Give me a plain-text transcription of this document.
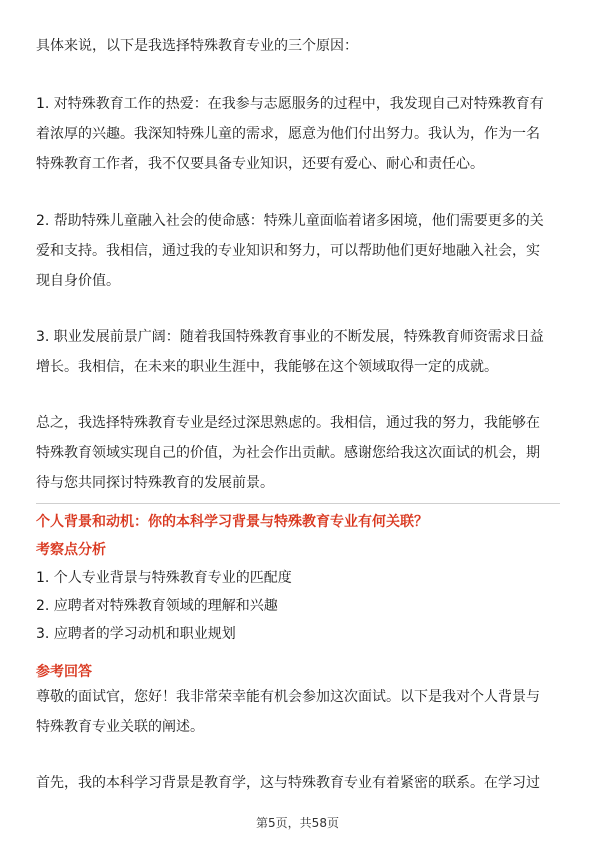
具体来说，以下是我选择特殊教育专业的三个原因：

1. 对特殊教育工作的热爱：在我参与志愿服务的过程中，我发现自己对特殊教育有
着浓厚的兴趣。我深知特殊儿童的需求，愿意为他们付出努力。我认为，作为一名
特殊教育工作者，我不仅要具备专业知识，还要有爱心、耐心和责任心。

2. 帮助特殊儿童融入社会的使命感：特殊儿童面临着诸多困境，他们需要更多的关
爱和支持。我相信，通过我的专业知识和努力，可以帮助他们更好地融入社会，实
现自身价值。

3. 职业发展前景广阔：随着我国特殊教育事业的不断发展，特殊教育师资需求日益
增长。我相信，在未来的职业生涯中，我能够在这个领域取得一定的成就。

总之，我选择特殊教育专业是经过深思熟虑的。我相信，通过我的努力，我能够在
特殊教育领域实现自己的价值，为社会作出贡献。感谢您给我这次面试的机会，期
待与您共同探讨特殊教育的发展前景。

个人背景和动机：你的本科学习背景与特殊教育专业有何关联？
考察点分析
1. 个人专业背景与特殊教育专业的匹配度
2. 应聘者对特殊教育领域的理解和兴趣
3. 应聘者的学习动机和职业规划
参考回答

尊敬的面试官，您好！我非常荣幸能有机会参加这次面试。以下是我对个人背景与
特殊教育专业关联的阐述。

首先，我的本科学习背景是教育学，这与特殊教育专业有着紧密的联系。在学习过

第5页，共58页
